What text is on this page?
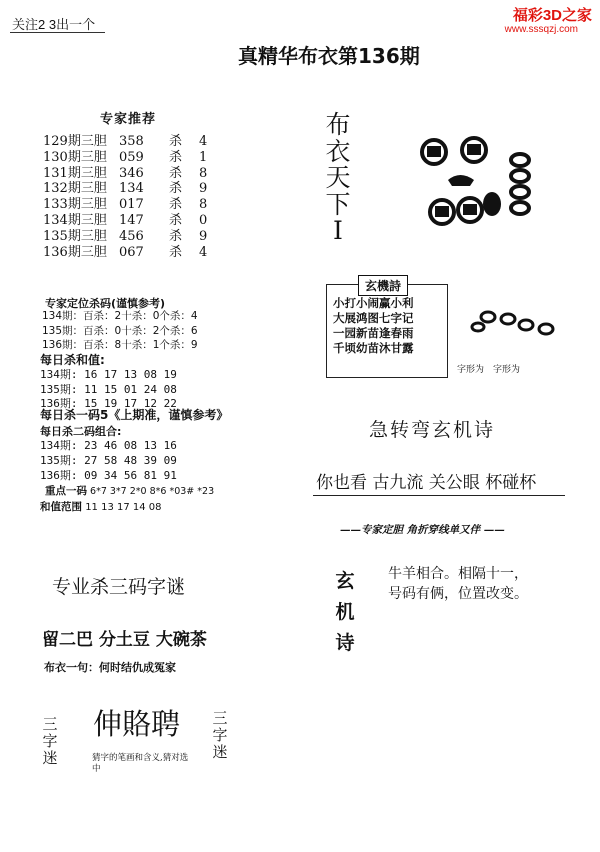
关注2 3出一个
福彩3D之家
www.sssqzj.com
真精华布衣第136期
专家推荐
129期三胆 358 杀 4
130期三胆 059 杀 1
131期三胆 346 杀 8
132期三胆 134 杀 9
133期三胆 017 杀 8
134期三胆 147 杀 0
135期三胆 456 杀 9
136期三胆 067 杀 4
专家定位杀码(谨慎参考)
134期：百杀：2十杀：0个杀：4
135期：百杀：0十杀：2个杀：6
136期：百杀：8十杀：1个杀：9
每日杀和值:
134期: 16 17 13 08 19
135期: 11 15 01 24 08
136期: 15 19 17 12 22
每日杀一码5《上期准，谨慎参考》
每日杀二码组合:
134期: 23 46 08 13 16
135期: 27 58 48 39 09
136期: 09 34 56 81 91
重点一码 6*7 3*7 2*0 8*6 *03# *23
和值范围 11 13 17 14 08
专业杀三码字谜
留二巴 分土豆 大碗茶
布衣一句：何时结仇成冤家
三字迷
伸賂聘 三字迷
猜字的笔画和含义,猜对选中
布衣天下I
玄機詩
小打小闹赢小利
大展鸿图七字记
一园新苗逢春雨
千顷幼苗沐甘露
字形为　字形为
急转弯玄机诗
你也看 古九流 关公眼 杯碰杯
——专家定胆 角折穿线单又伴 ——
玄机诗
牛羊相合。相隔十一，
号码有俩，位置改变。
